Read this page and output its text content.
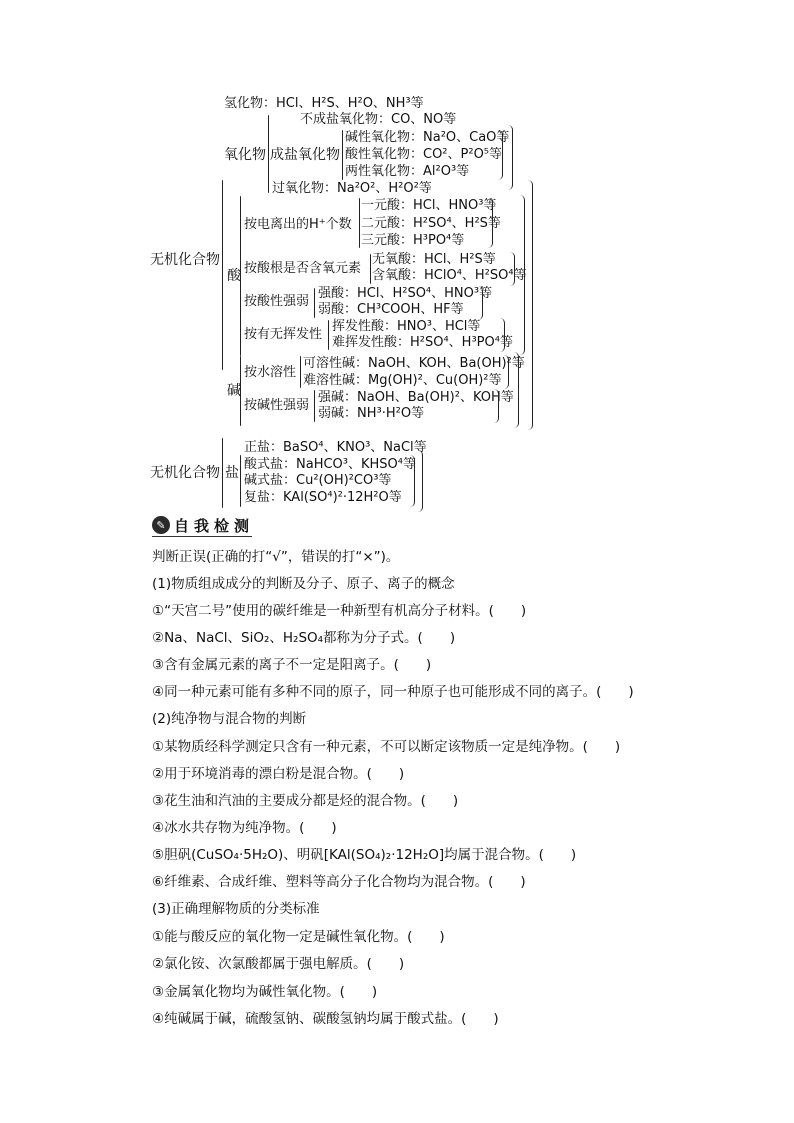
无机化合物
氢化物：HCl、H²S、H²O、NH³等
氧化物
不成盐氧化物：CO、NO等
成盐氧化物
碱性氧化物：Na²O、CaO等
酸性氧化物：CO²、P²O⁵等
两性氧化物：Al²O³等
过氧化物：Na²O²、H²O²等
酸
按电离出的H⁺个数
一元酸：HCl、HNO³等
二元酸：H²SO⁴、H²S等
三元酸：H³PO⁴等
按酸根是否含氧元素
无氧酸：HCl、H²S等
含氧酸：HClO⁴、H²SO⁴等
按酸性强弱
强酸：HCl、H²SO⁴、HNO³等
弱酸：CH³COOH、HF等
按有无挥发性
挥发性酸：HNO³、HCl等
难挥发性酸：H²SO⁴、H³PO⁴等
碱
按水溶性
可溶性碱：NaOH、KOH、Ba(OH)²等
难溶性碱：Mg(OH)²、Cu(OH)²等
按碱性强弱
强碱：NaOH、Ba(OH)²、KOH等
弱碱：NH³·H²O等
无机化合物 盐
正盐：BaSO⁴、KNO³、NaCl等
酸式盐：NaHCO³、KHSO⁴等
碱式盐：Cu²(OH)²CO³等
复盐：KAl(SO⁴)²·12H²O等
✎ 自我检测
判断正误(正确的打“√”，错误的打“×”)。
(1)物质组成成分的判断及分子、原子、离子的概念
①“天宫二号”使用的碳纤维是一种新型有机高分子材料。(　　)
②Na、NaCl、SiO₂、H₂SO₄都称为分子式。(　　)
③含有金属元素的离子不一定是阳离子。(　　)
④同一种元素可能有多种不同的原子，同一种原子也可能形成不同的离子。(　　)
(2)纯净物与混合物的判断
①某物质经科学测定只含有一种元素，不可以断定该物质一定是纯净物。(　　)
②用于环境消毒的漂白粉是混合物。(　　)
③花生油和汽油的主要成分都是烃的混合物。(　　)
④冰水共存物为纯净物。(　　)
⑤胆矾(CuSO₄·5H₂O)、明矾[KAl(SO₄)₂·12H₂O]均属于混合物。(　　)
⑥纤维素、合成纤维、塑料等高分子化合物均为混合物。(　　)
(3)正确理解物质的分类标准
①能与酸反应的氧化物一定是碱性氧化物。(　　)
②氯化铵、次氯酸都属于强电解质。(　　)
③金属氧化物均为碱性氧化物。(　　)
④纯碱属于碱，硫酸氢钠、碳酸氢钠均属于酸式盐。(　　)
